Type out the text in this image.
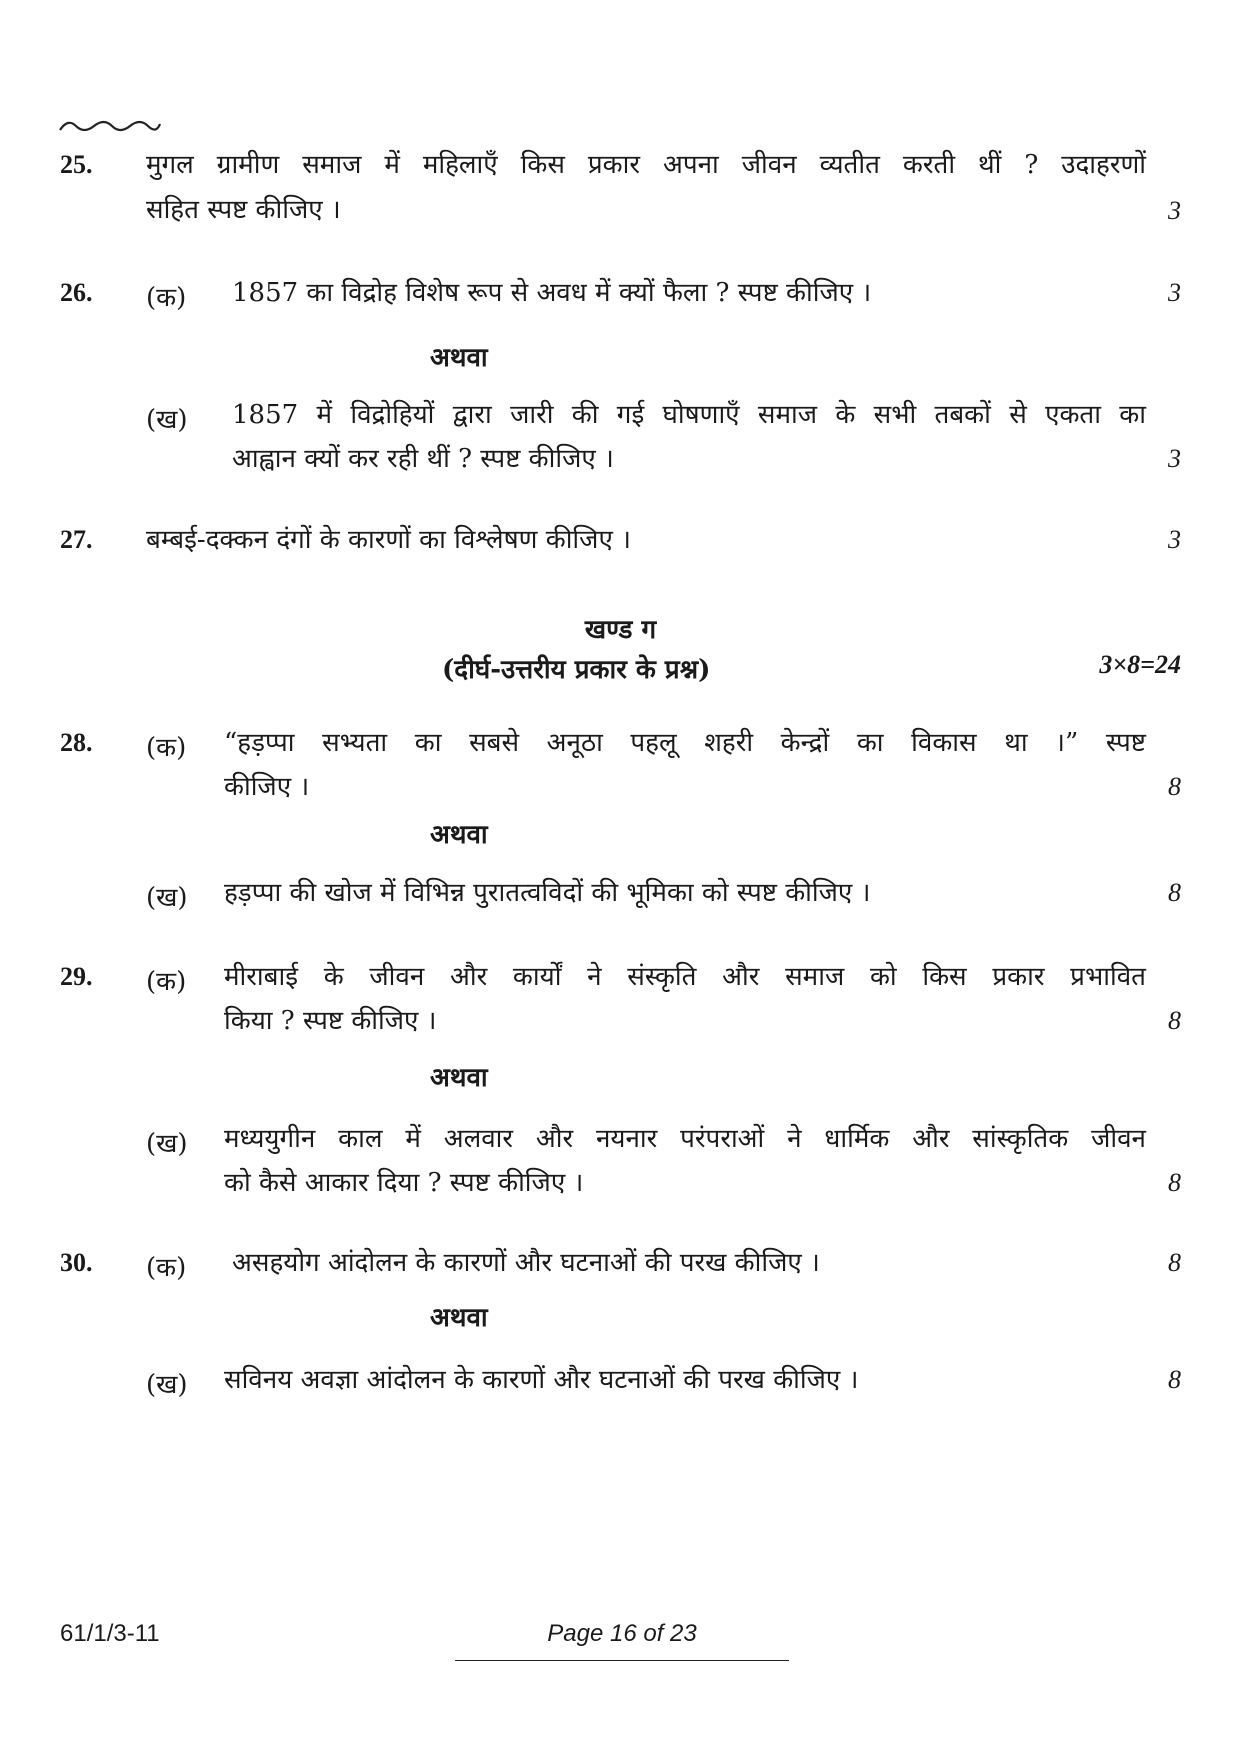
25. मुगल ग्रामीण समाज में महिलाएँ किस प्रकार अपना जीवन व्यतीत करती थीं ? उदाहरणों
सहित स्पष्ट कीजिए ।	3
26. (क) 1857 का विद्रोह विशेष रूप से अवध में क्यों फैला ? स्पष्ट कीजिए ।	3
अथवा
(ख) 1857 में विद्रोहियों द्वारा जारी की गई घोषणाएँ समाज के सभी तबकों से एकता का
आह्वान क्यों कर रही थीं ? स्पष्ट कीजिए ।	3
27. बम्बई-दक्कन दंगों के कारणों का विश्लेषण कीजिए ।	3
खण्ड ग
(दीर्घ-उत्तरीय प्रकार के प्रश्न)	3×8=24
28. (क) “हड़प्पा सभ्यता का सबसे अनूठा पहलू शहरी केन्द्रों का विकास था ।” स्पष्ट
कीजिए ।	8
अथवा
(ख) हड़प्पा की खोज में विभिन्न पुरातत्वविदों की भूमिका को स्पष्ट कीजिए ।	8
29. (क) मीराबाई के जीवन और कार्यों ने संस्कृति और समाज को किस प्रकार प्रभावित
किया ? स्पष्ट कीजिए ।	8
अथवा
(ख) मध्ययुगीन काल में अलवार और नयनार परंपराओं ने धार्मिक और सांस्कृतिक जीवन
को कैसे आकार दिया ? स्पष्ट कीजिए ।	8
30. (क) असहयोग आंदोलन के कारणों और घटनाओं की परख कीजिए ।	8
अथवा
(ख) सविनय अवज्ञा आंदोलन के कारणों और घटनाओं की परख कीजिए ।	8
61/1/3-11	Page 16 of 23
